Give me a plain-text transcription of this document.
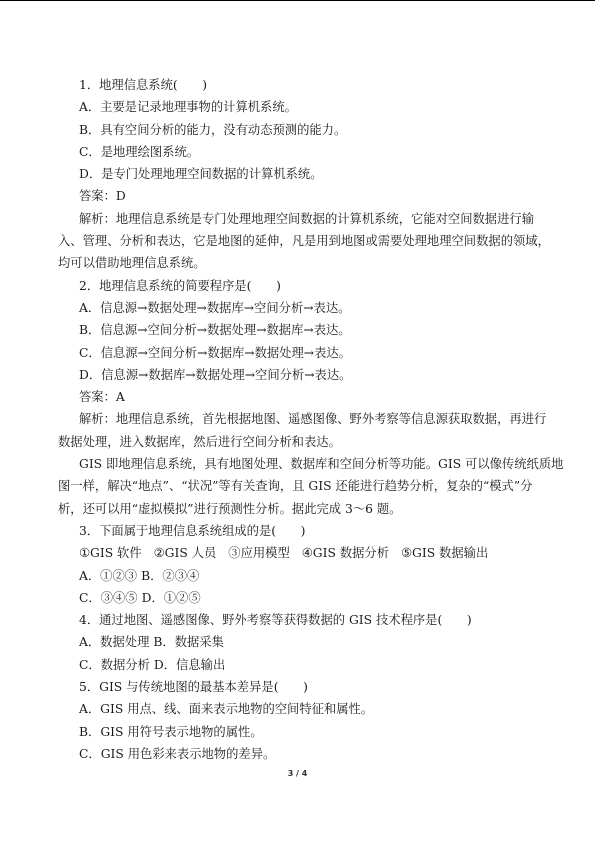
1．地理信息系统(　　)
A．主要是记录地理事物的计算机系统。
B．具有空间分析的能力，没有动态预测的能力。
C．是地理绘图系统。
D．是专门处理地理空间数据的计算机系统。
答案：D
解析：地理信息系统是专门处理地理空间数据的计算机系统，它能对空间数据进行输
入、管理、分析和表达，它是地图的延伸，凡是用到地图或需要处理地理空间数据的领域，
均可以借助地理信息系统。
2．地理信息系统的简要程序是(　　)
A．信息源→数据处理→数据库→空间分析→表达。
B．信息源→空间分析→数据处理→数据库→表达。
C．信息源→空间分析→数据库→数据处理→表达。
D．信息源→数据库→数据处理→空间分析→表达。
答案：A
解析：地理信息系统，首先根据地图、遥感图像、野外考察等信息源获取数据，再进行
数据处理，进入数据库，然后进行空间分析和表达。
GIS 即地理信息系统，具有地图处理、数据库和空间分析等功能。GIS 可以像传统纸质地
图一样，解决“地点”、“状况”等有关查询，且 GIS 还能进行趋势分析，复杂的“模式”分
析，还可以用“虚拟模拟”进行预测性分析。据此完成 3～6 题。
3．下面属于地理信息系统组成的是(　　)
①GIS 软件 ②GIS 人员 ③应用模型 ④GIS 数据分析 ⑤GIS 数据输出
A．①②③ B．②③④
C．③④⑤ D．①②⑤
4．通过地图、遥感图像、野外考察等获得数据的 GIS 技术程序是(　　)
A．数据处理 B．数据采集
C．数据分析 D．信息输出
5．GIS 与传统地图的最基本差异是(　　)
A．GIS 用点、线、面来表示地物的空间特征和属性。
B．GIS 用符号表示地物的属性。
C．GIS 用色彩来表示地物的差异。
3 / 4
